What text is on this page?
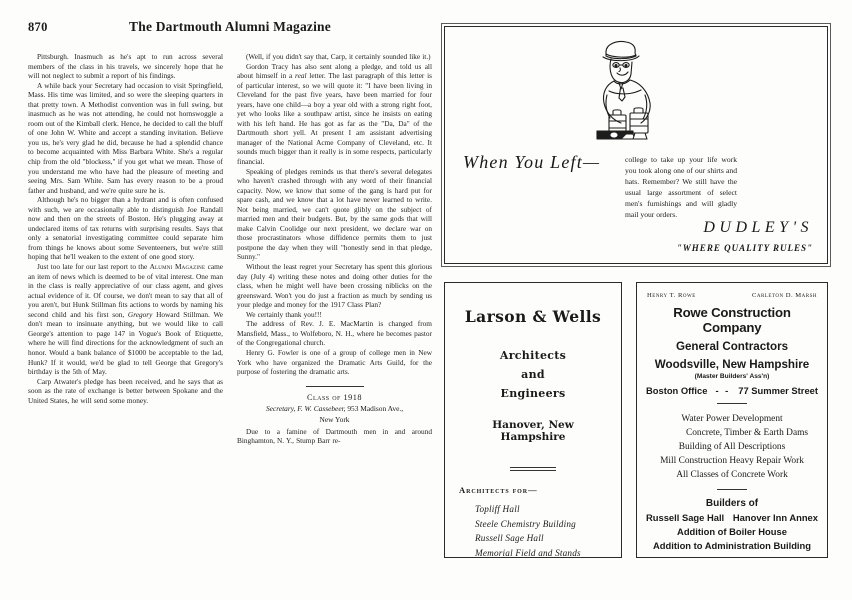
870	The Dartmouth Alumni Magazine

Pittsburgh. Inasmuch as he's apt to run across several members of the class in his travels, we sincerely hope that he will not neglect to submit a report of his findings.

A while back your Secretary had occasion to visit Springfield, Mass. His time was limited, and so were the sleeping quarters in that pretty town. A Methodist convention was in full swing, but inasmuch as he was not attending, he could not hornswoggle a room out of the Kimball clerk. Hence, he decided to call the bluff of one John W. White and accept a standing invitation. Believe you us, he's very glad he did, because he had a splendid chance to become acquainted with Miss Barbara White. She's a regular chip from the old "blockess," if you get what we mean. Those of you understand me who have had the pleasure of meeting and seeing Mrs. Sam White. Sam has every reason to be a proud father and husband, and we're quite sure he is.

Although he's no bigger than a hydrant and is often confused with such, we are occasionally able to distinguish Joe Randall now and then on the streets of Boston. He's plugging away at undeclared items of tax returns with surprising results. Says that only a senatorial investigating committee could separate him from things he knows about some Seventeeners, but we're still hoping that he'll weaken to the extent of one good story.

Just too late for our last report to the Alumni Magazine came an item of news which is deemed to be of vital interest. One man in the class is really appreciative of our class agent, and gives actual evidence of it. Of course, we don't mean to say that all of you aren't, but Hunk Stillman fits actions to words by naming his second child and his first son, Gregory Howard Stillman. We don't mean to insinuate anything, but we would like to call George's attention to page 147 in Vogue's Book of Etiquette, where he will find directions for the acknowledgment of such an honor. Would a bank balance of $1000 be acceptable to the lad, Hunk? If it would, we'd be glad to tell George that Gregory's birthday is the 5th of May.

Carp Atwater's pledge has been received, and he says that as soon as the rate of exchange is better between Spokane and the United States, he will send some money.

(Well, if you didn't say that, Carp, it certainly sounded like it.)

Gordon Tracy has also sent along a pledge, and told us all about himself in a real letter. The last paragraph of this letter is of particular interest, so we will quote it: "I have been living in Cleveland for the past five years, have been married for four years, have one child—a boy a year old with a strong right foot, yet who looks like a southpaw artist, since he insists on eating with his left hand. He has got as far as the "Da, Da" of the Dartmouth short yell. At present I am assistant advertising manager of the National Acme Company of Cleveland, etc. It sounds much bigger than it really is in some respects, particularly financial.

Speaking of pledges reminds us that there's several delegates who haven't crashed through with any word of their financial capacity. Now, we know that some of the gang is hard put for spare cash, and we know that a lot have never learned to write. Not being married, we can't quote glibly on the subject of married men and their budgets. But, by the same gods that will make Calvin Coolidge our next president, we declare war on those procrastinators whose diffidence permits them to just postpone the day when they will "honestly send in that pledge, Sunny."

Without the least regret your Secretary has spent this glorious day (July 4) writing these notes and doing other duties for the class, when he might well have been crossing niblicks on the greensward. Won't you do just a fraction as much by sending us your pledge and money for the 1917 Class Plan?

We certainly thank you!!!

The address of Rev. J. E. MacMartin is changed from Mansfield, Mass., to Wolfeboro, N. H., where he becomes pastor of the Congregational church.

Henry G. Fowler is one of a group of college men in New York who have organized the Dramatic Arts Guild, for the purpose of fostering the dramatic arts.

Class of 1918
Secretary, F. W. Cassebeer, 953 Madison Ave.,
New York

Due to a famine of Dartmouth men in and around Binghamton, N. Y., Stump Barr re-

When You Left—	college to take up your life work you took along one of our shirts and hats. Remember? We still have the usual large assortment of select men's furnishings and will gladly mail your orders.

DUDLEY'S
"WHERE QUALITY RULES"
Larson & Wells
Architects
and
Engineers
Hanover, New Hampshire
Architects for—
Topliff Hall
Steele Chemistry Building
Russell Sage Hall
Memorial Field and Stands
Henry T. Rowe	Carleton D. Marsh
Rowe Construction Company
General Contractors
Woodsville, New Hampshire
(Master Builders' Ass'n)
Boston Office - - 77 Summer Street
Water Power Development
Concrete, Timber & Earth Dams
Building of All Descriptions
Mill Construction Heavy Repair Work
All Classes of Concrete Work
Builders of
Russell Sage Hall Hanover Inn Annex
Addition of Boiler House
Addition to Administration Building
